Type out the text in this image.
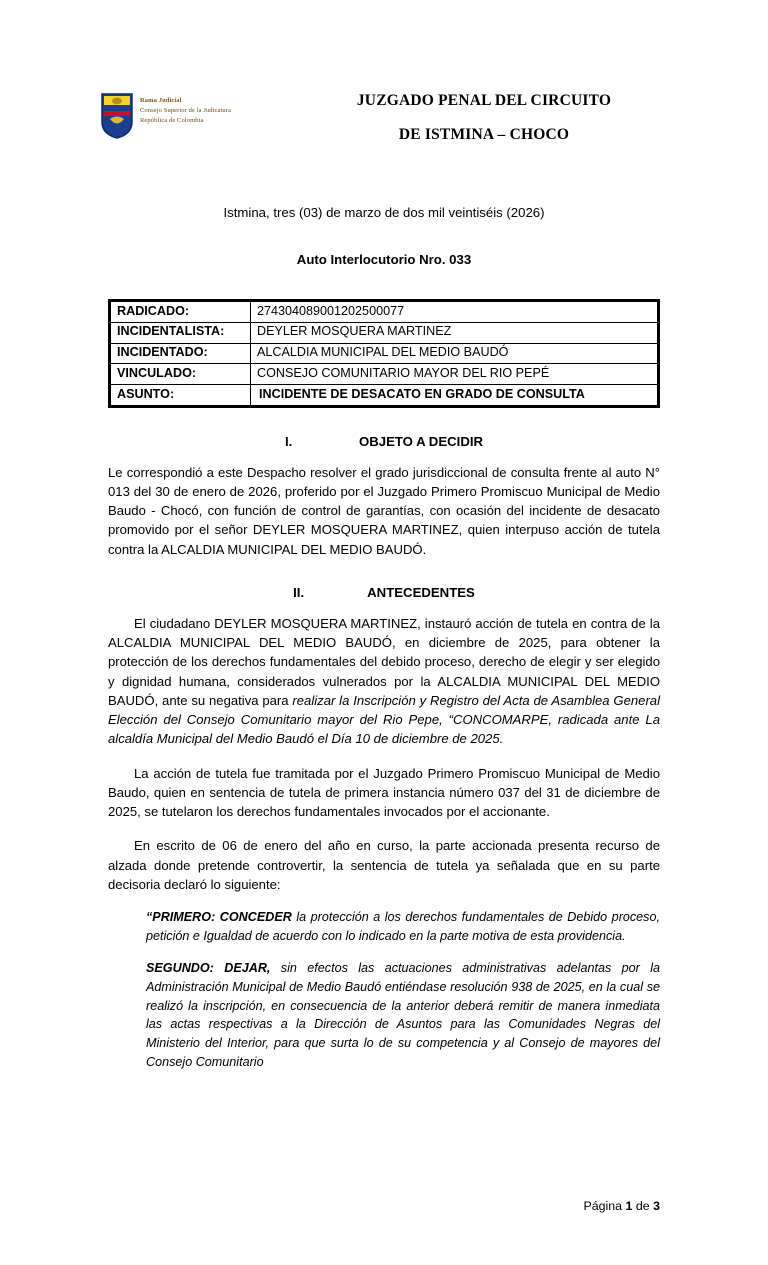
Rama Judicial
Consejo Superior de la Judicatura
República de Colombia
JUZGADO PENAL DEL CIRCUITO
DE ISTMINA – CHOCO
Istmina, tres (03) de marzo de dos mil veintiséis (2026)
Auto Interlocutorio Nro. 033
RADICADO:	274304089001202500077
INCIDENTALISTA:	DEYLER MOSQUERA MARTINEZ
INCIDENTADO:	ALCALDIA MUNICIPAL DEL MEDIO BAUDÓ
VINCULADO:	CONSEJO COMUNITARIO MAYOR DEL RIO PEPÉ
ASUNTO:	INCIDENTE DE DESACATO EN GRADO DE CONSULTA
I.	OBJETO A DECIDIR
Le correspondió a este Despacho resolver el grado jurisdiccional de consulta frente al auto N° 013 del 30 de enero de 2026, proferido por el Juzgado Primero Promiscuo Municipal de Medio Baudo - Chocó, con función de control de garantías, con ocasión del incidente de desacato promovido por el señor DEYLER MOSQUERA MARTINEZ, quien interpuso acción de tutela contra la ALCALDIA MUNICIPAL DEL MEDIO BAUDÓ.
II.	ANTECEDENTES
El ciudadano DEYLER MOSQUERA MARTINEZ, instauró acción de tutela en contra de la ALCALDIA MUNICIPAL DEL MEDIO BAUDÓ, en diciembre de 2025, para obtener la protección de los derechos fundamentales del debido proceso, derecho de elegir y ser elegido y dignidad humana, considerados vulnerados por la ALCALDIA MUNICIPAL DEL MEDIO BAUDÓ, ante su negativa para realizar la Inscripción y Registro del Acta de Asamblea General Elección del Consejo Comunitario mayor del Rio Pepe, “CONCOMARPE, radicada ante La alcaldía Municipal del Medio Baudó el Día 10 de diciembre de 2025.
La acción de tutela fue tramitada por el Juzgado Primero Promiscuo Municipal de Medio Baudo, quien en sentencia de tutela de primera instancia número 037 del 31 de diciembre de 2025, se tutelaron los derechos fundamentales invocados por el accionante.
En escrito de 06 de enero del año en curso, la parte accionada presenta recurso de alzada donde pretende controvertir, la sentencia de tutela ya señalada que en su parte decisoria declaró lo siguiente:
“PRIMERO: CONCEDER la protección a los derechos fundamentales de Debido proceso, petición e Igualdad de acuerdo con lo indicado en la parte motiva de esta providencia.
SEGUNDO: DEJAR, sin efectos las actuaciones administrativas adelantas por la Administración Municipal de Medio Baudó entiéndase resolución 938 de 2025, en la cual se realizó la inscripción, en consecuencia de la anterior deberá remitir de manera inmediata las actas respectivas a la Dirección de Asuntos para las Comunidades Negras del Ministerio del Interior, para que surta lo de su competencia y al Consejo de mayores del Consejo Comunitario
Página 1 de 3
